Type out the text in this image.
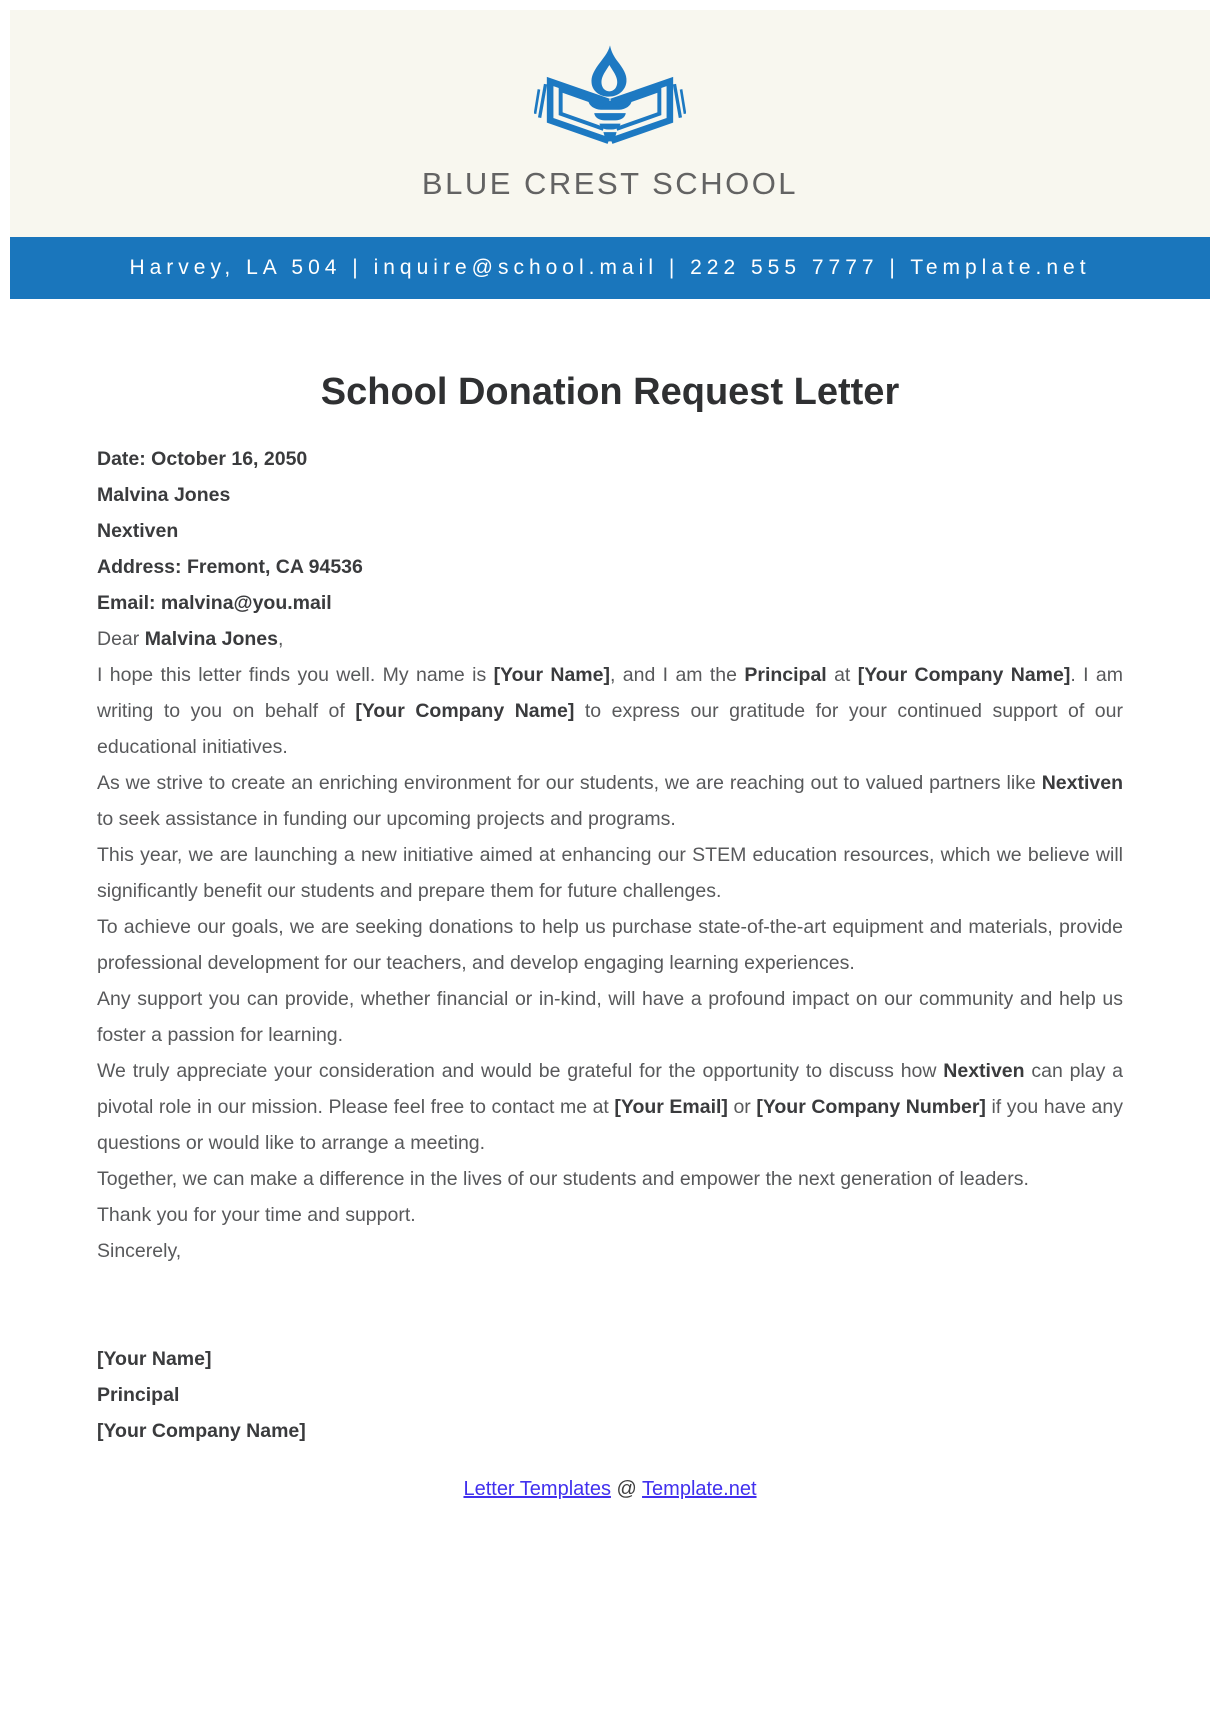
BLUE CREST SCHOOL
Harvey, LA 504 | inquire@school.mail | 222 555 7777 | Template.net
School Donation Request Letter

Date: October 16, 2050

Malvina Jones

Nextiven

Address: Fremont, CA 94536

Email: malvina@you.mail

Dear Malvina Jones,

I hope this letter finds you well. My name is [Your Name], and I am the Principal at [Your Company Name]. I am writing to you on behalf of [Your Company Name] to express our gratitude for your continued support of our educational initiatives.

As we strive to create an enriching environment for our students, we are reaching out to valued partners like Nextiven to seek assistance in funding our upcoming projects and programs.

This year, we are launching a new initiative aimed at enhancing our STEM education resources, which we believe will significantly benefit our students and prepare them for future challenges.

To achieve our goals, we are seeking donations to help us purchase state-of-the-art equipment and materials, provide professional development for our teachers, and develop engaging learning experiences.

Any support you can provide, whether financial or in-kind, will have a profound impact on our community and help us foster a passion for learning.

We truly appreciate your consideration and would be grateful for the opportunity to discuss how Nextiven can play a pivotal role in our mission. Please feel free to contact me at [Your Email] or [Your Company Number] if you have any questions or would like to arrange a meeting.

Together, we can make a difference in the lives of our students and empower the next generation of leaders.

Thank you for your time and support.

Sincerely,

[Your Name]

Principal

[Your Company Name]

Letter Templates @ Template.net
